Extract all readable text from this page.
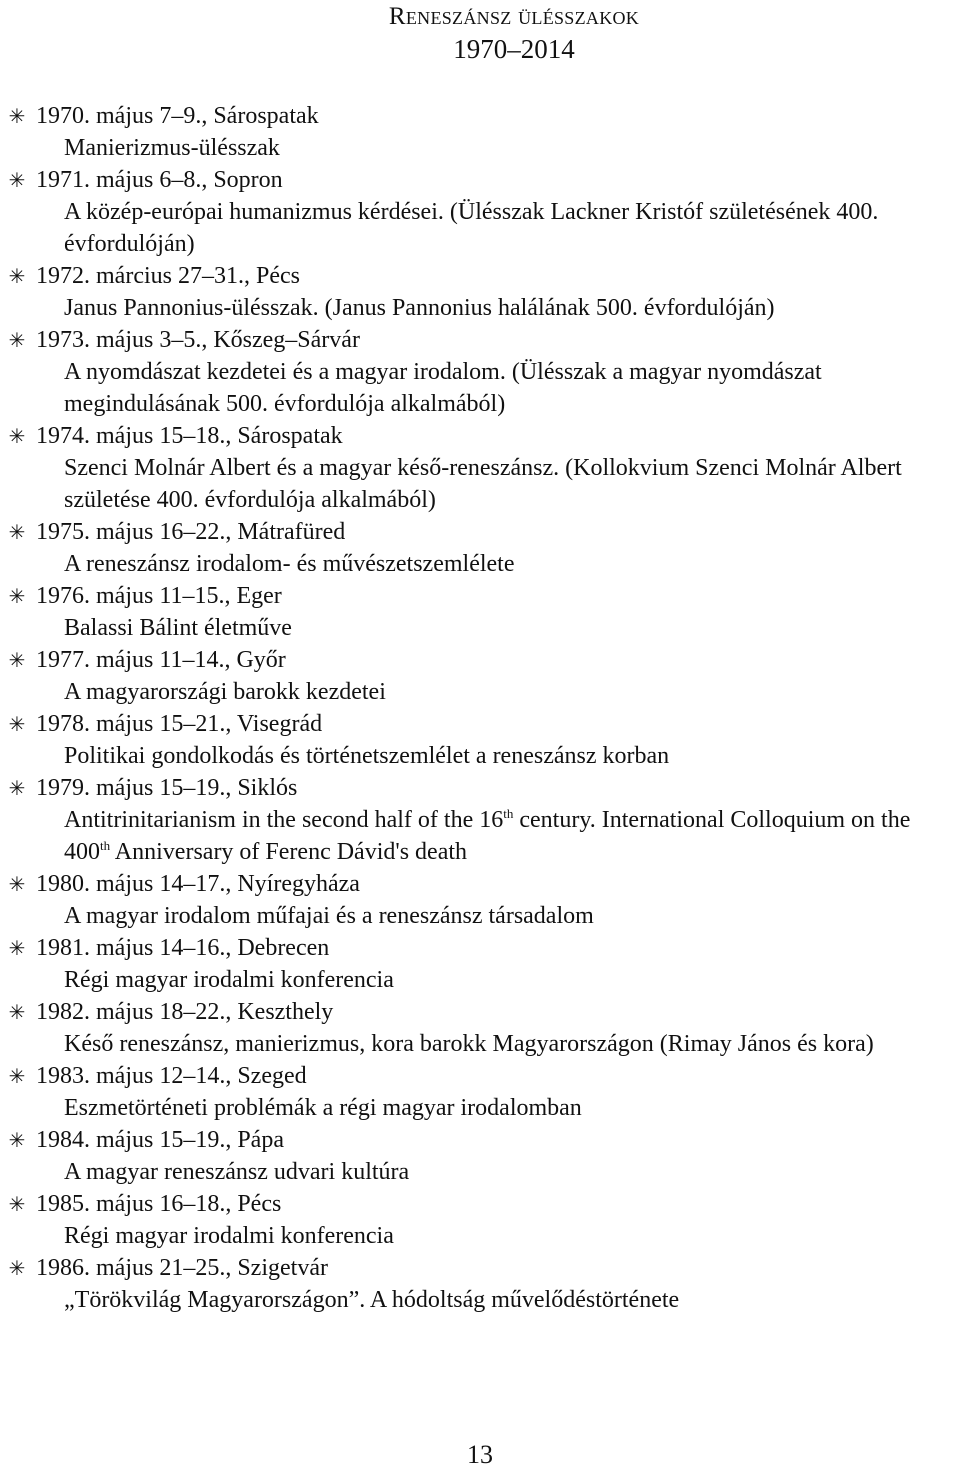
Reneszánsz ülésszakok
1970–2014
✳ 1970. május 7–9., Sárospatak
Manierizmus-ülésszak
✳ 1971. május 6–8., Sopron
A közép-európai humanizmus kérdései. (Ülésszak Lackner Kristóf születésének 400. évfordulóján)
✳ 1972. március 27–31., Pécs
Janus Pannonius-ülésszak. (Janus Pannonius halálának 500. évfordulóján)
✳ 1973. május 3–5., Kőszeg–Sárvár
A nyomdászat kezdetei és a magyar irodalom. (Ülésszak a magyar nyomdászat megindulásának 500. évfordulója alkalmából)
✳ 1974. május 15–18., Sárospatak
Szenci Molnár Albert és a magyar késő-reneszánsz. (Kollokvium Szenci Molnár Albert születése 400. évfordulója alkalmából)
✳ 1975. május 16–22., Mátrafüred
A reneszánsz irodalom- és művészetszemlélete
✳ 1976. május 11–15., Eger
Balassi Bálint életműve
✳ 1977. május 11–14., Győr
A magyarországi barokk kezdetei
✳ 1978. május 15–21., Visegrád
Politikai gondolkodás és történetszemlélet a reneszánsz korban
✳ 1979. május 15–19., Siklós
Antitrinitarianism in the second half of the 16th century. International Colloquium on the 400th Anniversary of Ferenc Dávid's death
✳ 1980. május 14–17., Nyíregyháza
A magyar irodalom műfajai és a reneszánsz társadalom
✳ 1981. május 14–16., Debrecen
Régi magyar irodalmi konferencia
✳ 1982. május 18–22., Keszthely
Késő reneszánsz, manierizmus, kora barokk Magyarországon (Rimay János és kora)
✳ 1983. május 12–14., Szeged
Eszmetörténeti problémák a régi magyar irodalomban
✳ 1984. május 15–19., Pápa
A magyar reneszánsz udvari kultúra
✳ 1985. május 16–18., Pécs
Régi magyar irodalmi konferencia
✳ 1986. május 21–25., Szigetvár
„Törökvilág Magyarországon”. A hódoltság művelődéstörténete
13
